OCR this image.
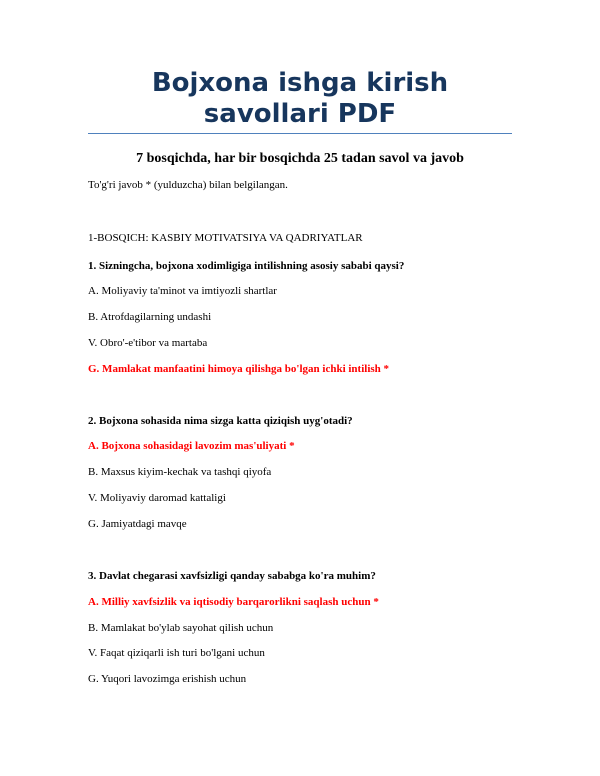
Bojxona ishga kirish
savollari PDF
7 bosqichda, har bir bosqichda 25 tadan savol va javob
To'g'ri javob * (yulduzcha) bilan belgilangan.
1-BOSQICH: KASBIY MOTIVATSIYA VA QADRIYATLAR
1. Sizningcha, bojxona xodimligiga intilishning asosiy sababi qaysi?
A. Moliyaviy ta'minot va imtiyozli shartlar
B. Atrofdagilarning undashi
V. Obro'-e'tibor va martaba
G. Mamlakat manfaatini himoya qilishga bo'lgan ichki intilish *
2. Bojxona sohasida nima sizga katta qiziqish uyg'otadi?
A. Bojxona sohasidagi lavozim mas'uliyati *
B. Maxsus kiyim-kechak va tashqi qiyofa
V. Moliyaviy daromad kattaligi
G. Jamiyatdagi mavqe
3. Davlat chegarasi xavfsizligi qanday sababga ko'ra muhim?
A. Milliy xavfsizlik va iqtisodiy barqarorlikni saqlash uchun *
B. Mamlakat bo'ylab sayohat qilish uchun
V. Faqat qiziqarli ish turi bo'lgani uchun
G. Yuqori lavozimga erishish uchun
